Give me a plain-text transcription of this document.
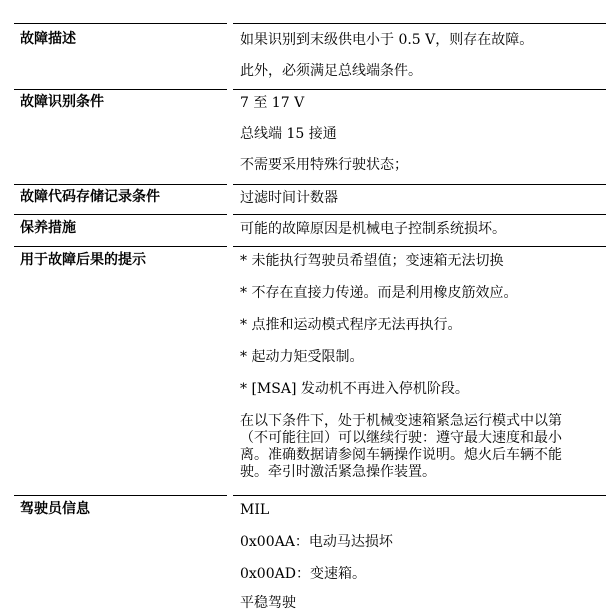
故障描述	如果识别到末级供电小于 0.5 V，则存在故障。
此外，必须满足总线端条件。
故障识别条件	7 至 17 V
总线端 15 接通
不需要采用特殊行驶状态；
故障代码存储记录条件	过滤时间计数器
保养措施	可能的故障原因是机械电子控制系统损坏。
用于故障后果的提示	* 未能执行驾驶员希望值；变速箱无法切换
* 不存在直接力传递。而是利用橡皮筋效应。
* 点推和运动模式程序无法再执行。
* 起动力矩受限制。
* [MSA] 发动机不再进入停机阶段。
在以下条件下，处于机械变速箱紧急运行模式中以第
（不可能往回）可以继续行驶：遵守最大速度和最小
离。准确数据请参阅车辆操作说明。熄火后车辆不能
驶。牵引时激活紧急操作装置。
驾驶员信息	MIL
0x00AA：电动马达损坏
0x00AD：变速箱。
平稳驾驶
